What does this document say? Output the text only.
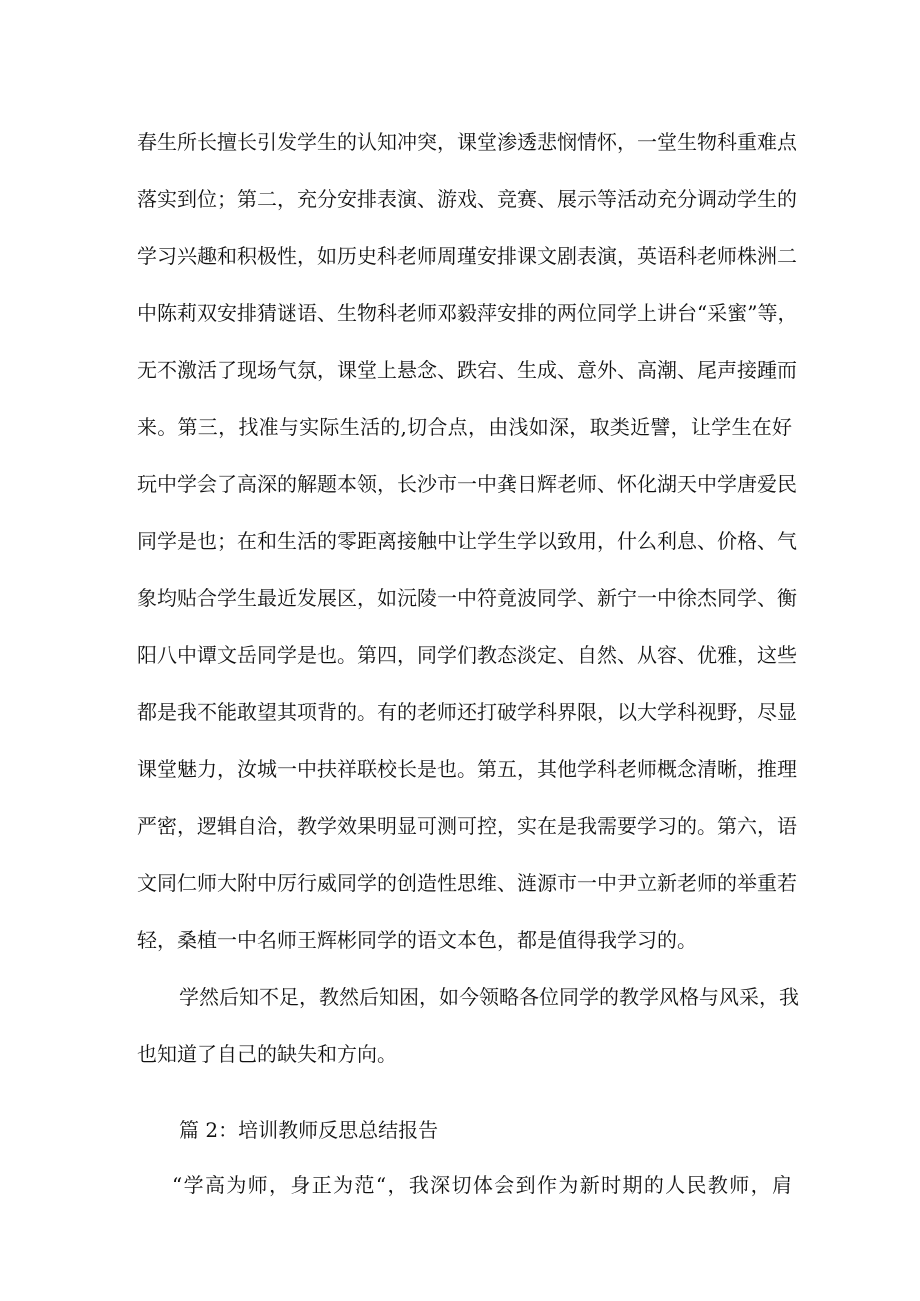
春生所长擅长引发学生的认知冲突，课堂渗透悲悯情怀，一堂生物科重难点
落实到位；第二，充分安排表演、游戏、竞赛、展示等活动充分调动学生的
学习兴趣和积极性，如历史科老师周瑾安排课文剧表演，英语科老师株洲二
中陈莉双安排猜谜语、生物科老师邓毅萍安排的两位同学上讲台“采蜜”等，
无不激活了现场气氛，课堂上悬念、跌宕、生成、意外、高潮、尾声接踵而
来。第三，找准与实际生活的,切合点，由浅如深，取类近譬，让学生在好
玩中学会了高深的解题本领，长沙市一中龚日辉老师、怀化湖天中学唐爱民
同学是也；在和生活的零距离接触中让学生学以致用，什么利息、价格、气
象均贴合学生最近发展区，如沅陵一中符竟波同学、新宁一中徐杰同学、衡
阳八中谭文岳同学是也。第四，同学们教态淡定、自然、从容、优雅，这些
都是我不能敢望其项背的。有的老师还打破学科界限，以大学科视野，尽显
课堂魅力，汝城一中扶祥联校长是也。第五，其他学科老师概念清晰，推理
严密，逻辑自洽，教学效果明显可测可控，实在是我需要学习的。第六，语
文同仁师大附中厉行威同学的创造性思维、涟源市一中尹立新老师的举重若
轻，桑植一中名师王辉彬同学的语文本色，都是值得我学习的。
学然后知不足，教然后知困，如今领略各位同学的教学风格与风采，我
也知道了自己的缺失和方向。
篇 2：培训教师反思总结报告
“学高为师，身正为范“，我深切体会到作为新时期的人民教师，肩
